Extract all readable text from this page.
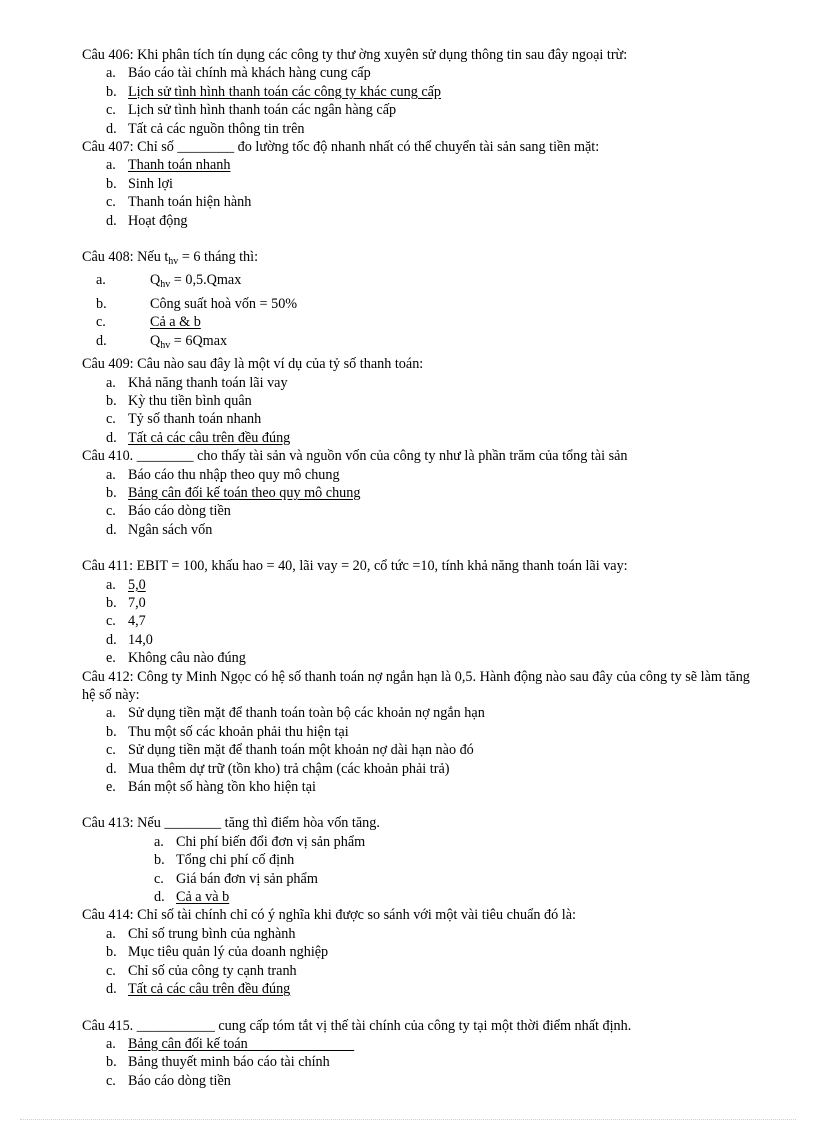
Câu 406: Khi phân tích tín dụng các công ty thư ờng xuyên sử dụng thông tin sau đây ngoại trừ:
a. Báo cáo tài chính mà khách hàng cung cấp
b. Lịch sử tình hình thanh toán các công ty khác cung cấp
c. Lịch sử tình hình thanh toán các ngân hàng cấp
d. Tất cả các nguồn thông tin trên
Câu 407: Chỉ số ________ đo lường tốc độ nhanh nhất có thể chuyển tài sản sang tiền mặt:
a. Thanh toán nhanh
b. Sinh lợi
c. Thanh toán hiện hành
d. Hoạt động
Câu 408: Nếu $t_{hv} = 6$ tháng thì:
a.	$Q_{hv} = 0,5.Qmax$
b.	Công suất hoà vốn = 50%
c.	Cả a & b
d.	$Q_{hv} = 6Qmax$
Câu 409: Câu nào sau đây là một ví dụ của tỷ số thanh toán:
a. Khả năng thanh toán lãi vay
b. Kỳ thu tiền bình quân
c. Tỷ số thanh toán nhanh
d. Tất cả các câu trên đều đúng
Câu 410. ________ cho thấy tài sản và nguồn vốn của công ty như là phần trăm của tổng tài sản
a. Báo cáo thu nhập theo quy mô chung
b. Bảng cân đối kế toán theo quy mô chung
c. Báo cáo dòng tiền
d. Ngân sách vốn
Câu 411: EBIT = 100, khấu hao = 40, lãi vay = 20, cổ tức =10, tính khả năng thanh toán lãi vay:
a. 5,0
b. 7,0
c. 4,7
d. 14,0
e. Không câu nào đúng
Câu 412: Công ty Minh Ngọc có hệ số thanh toán nợ ngắn hạn là 0,5. Hành động nào sau đây của công ty sẽ làm tăng hệ số này:
a. Sử dụng tiền mặt để thanh toán toàn bộ các khoản nợ ngắn hạn
b. Thu một số các khoản phải thu hiện tại
c. Sử dụng tiền mặt để thanh toán một khoản nợ dài hạn nào đó
d. Mua thêm dự trữ (tồn kho) trả chậm (các khoản phải trả)
e. Bán một số hàng tồn kho hiện tại
Câu 413: Nếu ________ tăng thì điểm hòa vốn tăng.
a. Chi phí biến đổi đơn vị sản phẩm
b. Tổng chi phí cố định
c. Giá bán đơn vị sản phẩm
d. Cả a và b
Câu 414: Chỉ số tài chính chỉ có ý nghĩa khi được so sánh với một vài tiêu chuẩn đó là:
a. Chỉ số trung bình của nghành
b. Mục tiêu quản lý của doanh nghiệp
c. Chỉ số của công ty cạnh tranh
d. Tất cả các câu trên đều đúng
Câu 415. ___________ cung cấp tóm tắt vị thế tài chính của công ty tại một thời điểm nhất định.
a. Bảng cân đối kế toán
b. Bảng thuyết minh báo cáo tài chính
c. Báo cáo dòng tiền
